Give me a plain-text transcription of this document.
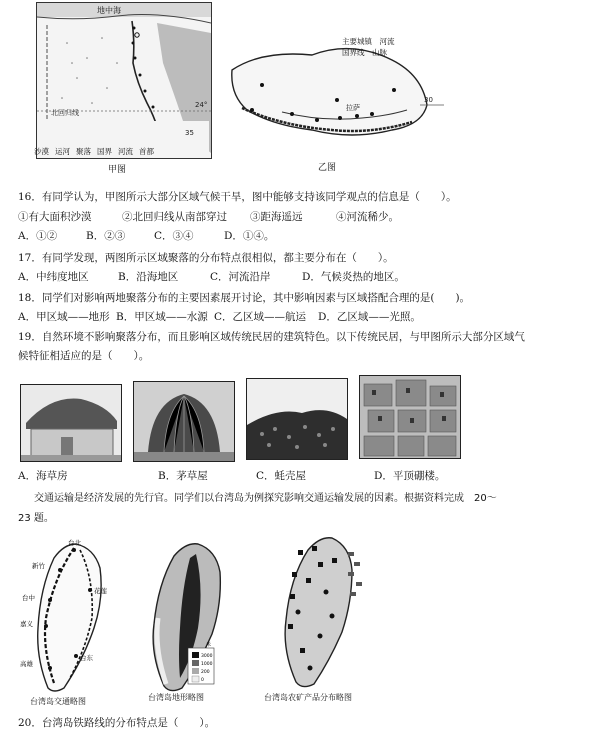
地中海
北回归线
24°
35
沙漠 运河 聚落 国界 河流 首都
甲图
30
拉萨
主要城镇　 河流
国界线　 山脉
乙图
16．有同学认为，甲图所示大部分区域气候干旱，图中能够支持该同学观点的信息是（　　）。
①有大面积沙漠	②北回归线从南部穿过 ③距海遥远	④河流稀少。
A．①②	B．②③	C．③④	D．①④。
17．有同学发现，两图所示区域聚落的分布特点很相似，都主要分布在（　　）。
A．中纬度地区	B．沿海地区	C．河流沿岸	D．气候炎热的地区。
18．同学们对影响两地聚落分布的主要因素展开讨论，其中影响因素与区域搭配合理的是(　　)。
A．甲区域——地形 B．甲区域——水源 C．乙区域——航运 D．乙区域——光照。
19．自然环境不影响聚落分布，而且影响区域传统民居的建筑特色。以下传统民居，与甲图所示大部分区域气
候特征相适应的是（　　）。
A．海草房	B．茅草屋	C．蚝壳屋	D．平顶硼楼。
交通运输是经济发展的先行官。同学们以台湾岛为例探究影响交通运输发展的因素。根据资料完成　20～
23 题。
台北
新竹
台中
嘉义
花莲
高雄
台东
台湾岛交通略图
3000
1000
200
0
米
台湾岛地形略图	台湾岛农矿产品分布略图
20．台湾岛铁路线的分布特点是（　　）。
